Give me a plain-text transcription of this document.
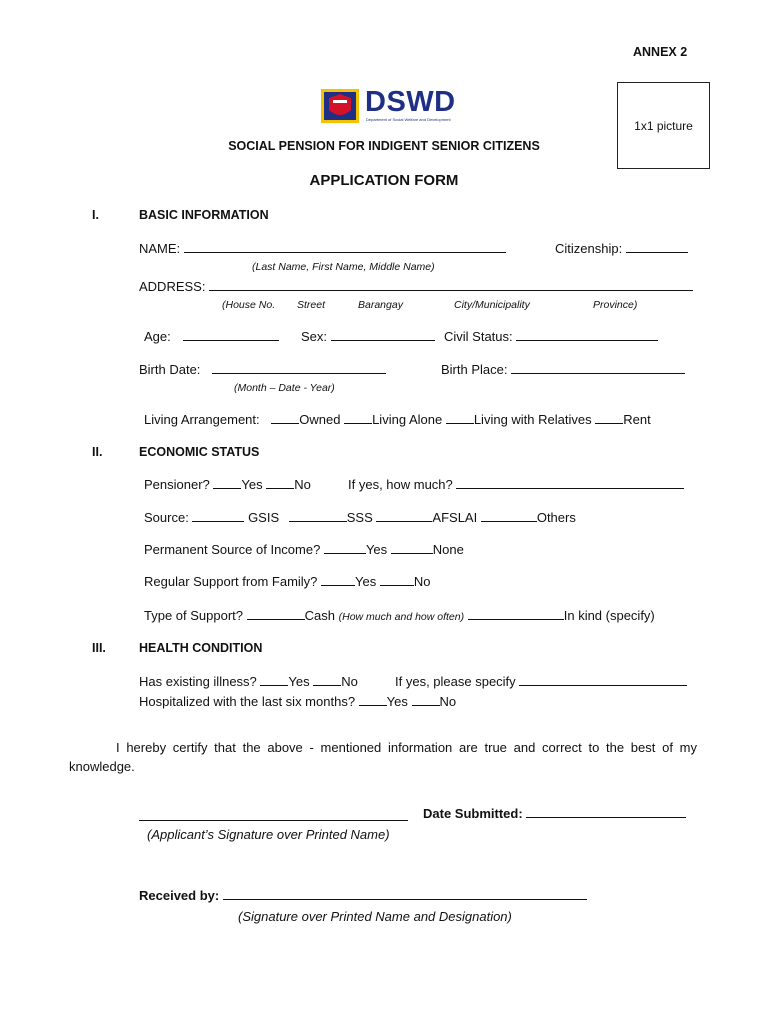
ANNEX 2
1x1 picture
DSWD
Department of Social Welfare and Development
SOCIAL PENSION FOR INDIGENT SENIOR CITIZENS
APPLICATION FORM
I.	BASIC INFORMATION
NAME:	Citizenship:
(Last Name, First Name, Middle Name)
ADDRESS:
(House No. Street	Barangay	City/Municipality	Province)
Age:	Sex:	Civil Status:
Birth Date:	Birth Place:
(Month – Date - Year)
Living Arrangement:	Owned Living Alone Living with Relatives Rent
II.	ECONOMIC STATUS
Pensioner? Yes No	If yes, how much?
Source:	GSIS	SSS	AFSLAI	Others
Permanent Source of Income?	Yes	None
Regular Support from Family?	Yes	No
Type of Support?	Cash (How much and how often)	In kind (specify)
III.	HEALTH CONDITION
Has existing illness? Yes No	If yes, please specify
Hospitalized with the last six months? Yes No
I hereby certify that the above - mentioned information are true and correct to the best of my
knowledge.
Date Submitted:
(Applicant’s Signature over Printed Name)
Received by:
(Signature over Printed Name and Designation)
